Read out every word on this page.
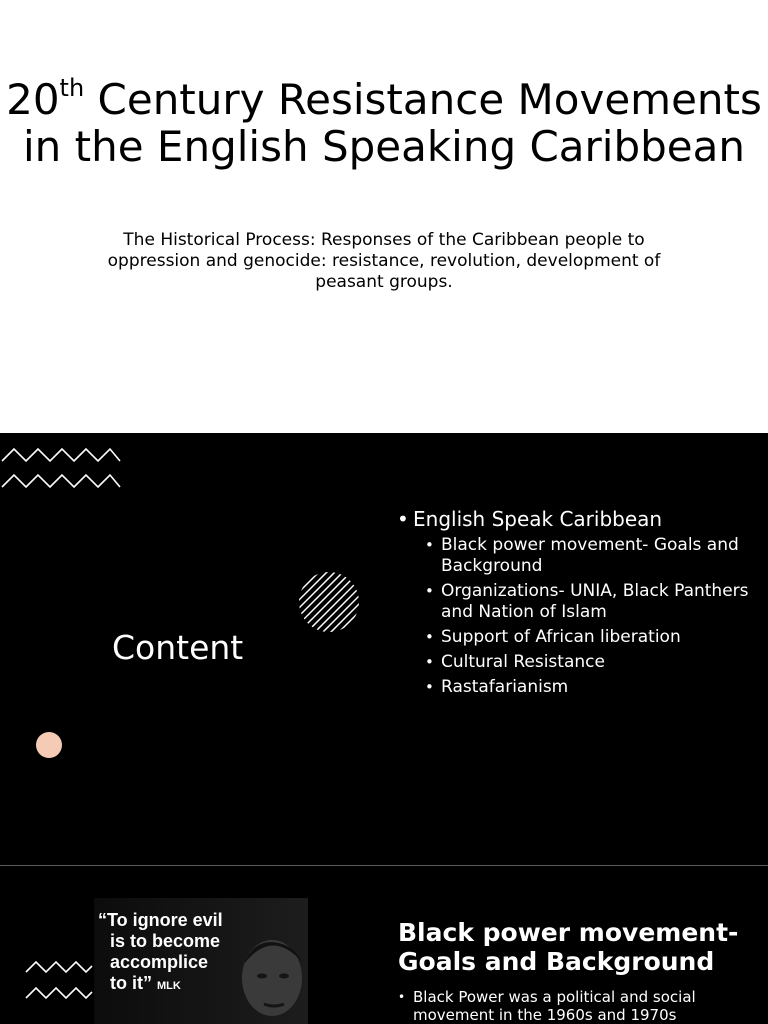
20th Century Resistance Movements in the English Speaking Caribbean

The Historical Process: Responses of the Caribbean people to oppression and genocide: resistance, revolution, development of peasant groups.

Content
• English Speak Caribbean
• Black power movement- Goals and Background
• Organizations- UNIA, Black Panthers and Nation of Islam
• Support of African liberation
• Cultural Resistance
• Rastafarianism
“To ignore evil
is to become
accomplice
to it” MLK
Black power movement- Goals and Background
• Black Power was a political and social movement in the 1960s and 1970s
